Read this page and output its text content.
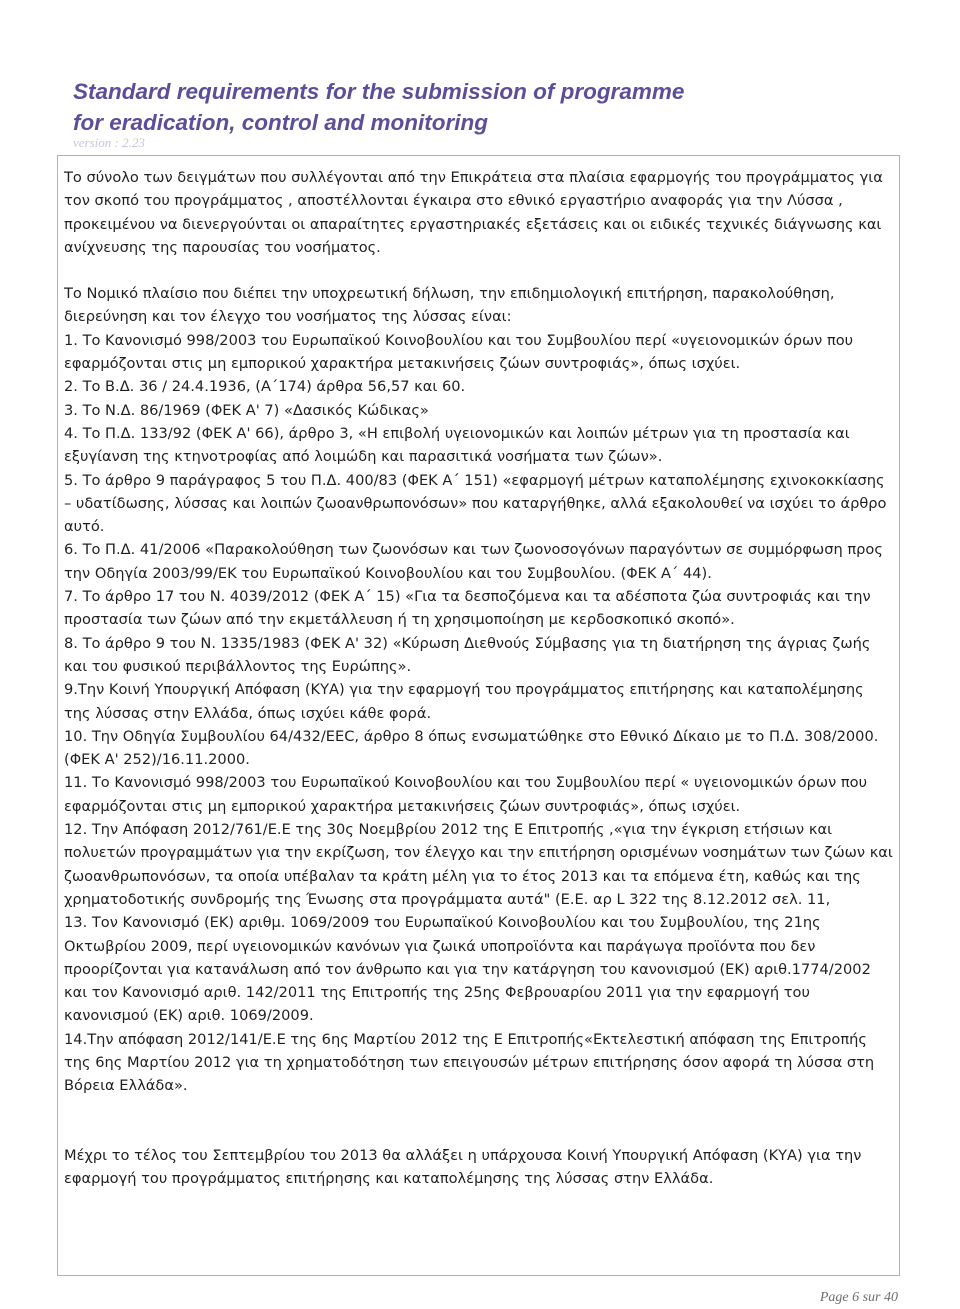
Standard requirements for the submission of programme
for eradication, control and monitoring
version : 2.23

Το σύνολο των δειγμάτων που συλλέγονται από την Επικράτεια στα πλαίσια εφαρμογής του προγράμματος για τον σκοπό του προγράμματος , αποστέλλονται έγκαιρα στο εθνικό εργαστήριο αναφοράς για την Λύσσα , προκειμένου να διενεργούνται οι απαραίτητες εργαστηριακές εξετάσεις και οι ειδικές τεχνικές διάγνωσης και ανίχνευσης της παρουσίας του νοσήματος.

Το Νομικό πλαίσιο που διέπει την υποχρεωτική δήλωση, την επιδημιολογική επιτήρηση, παρακολούθηση, διερεύνηση και τον έλεγχο του νοσήματος της λύσσας είναι:

1. Το Κανονισμό 998/2003 του Ευρωπαϊκού Κοινοβουλίου και του Συμβουλίου περί «υγειονομικών όρων που εφαρμόζονται στις μη εμπορικού χαρακτήρα μετακινήσεις ζώων συντροφιάς», όπως ισχύει.

2. Το Β.Δ. 36 / 24.4.1936, (Α΄174) άρθρα 56,57 και 60.

3. Το Ν.Δ. 86/1969 (ΦΕΚ Α' 7) «Δασικός Κώδικας»

4. Το Π.Δ. 133/92 (ΦΕΚ Α' 66), άρθρο 3, «Η επιβολή υγειονομικών και λοιπών μέτρων για τη προστασία και εξυγίανση της κτηνοτροφίας από λοιμώδη και παρασιτικά νοσήματα των ζώων».

5. Το άρθρο 9 παράγραφος 5 του Π.Δ. 400/83 (ΦΕΚ Α΄ 151) «εφαρμογή μέτρων καταπολέμησης εχινοκοκκίασης – υδατίδωσης, λύσσας και λοιπών ζωοανθρωπονόσων» που καταργήθηκε, αλλά εξακολουθεί να ισχύει το άρθρο αυτό.

6. Το Π.Δ. 41/2006 «Παρακολούθηση των ζωονόσων και των ζωονοσογόνων παραγόντων σε συμμόρφωση προς την Οδηγία 2003/99/ΕΚ του Ευρωπαϊκού Κοινοβουλίου και του Συμβουλίου. (ΦΕΚ Α΄ 44).

7. Το άρθρο 17 του Ν. 4039/2012 (ΦΕΚ Α΄ 15) «Για τα δεσποζόμενα και τα αδέσποτα ζώα συντροφιάς και την προστασία των ζώων από την εκμετάλλευση ή τη χρησιμοποίηση με κερδοσκοπικό σκοπό».

8. Το άρθρο 9 του Ν. 1335/1983 (ΦΕΚ Α' 32) «Κύρωση Διεθνούς Σύμβασης για τη διατήρηση της άγριας ζωής και του φυσικού περιβάλλοντος της Ευρώπης».

9.Την Κοινή Υπουργική Απόφαση (ΚΥΑ) για την εφαρμογή του προγράμματος επιτήρησης και καταπολέμησης της λύσσας στην Ελλάδα, όπως ισχύει κάθε φορά.

10. Την Οδηγία Συμβουλίου 64/432/ΕΕC, άρθρο 8 όπως ενσωματώθηκε στο Εθνικό Δίκαιο με το Π.Δ. 308/2000. (ΦΕΚ Α' 252)/16.11.2000.

11. Το Κανονισμό 998/2003 του Ευρωπαϊκού Κοινοβουλίου και του Συμβουλίου περί « υγειονομικών όρων που εφαρμόζονται στις μη εμπορικού χαρακτήρα μετακινήσεις ζώων συντροφιάς», όπως ισχύει.

12. Την Απόφαση 2012/761/Ε.Ε της 30ς Νοεμβρίου 2012 της Ε Επιτροπής ,«για την έγκριση ετήσιων και πολυετών προγραμμάτων για την εκρίζωση, τον έλεγχο και την επιτήρηση ορισμένων νοσημάτων των ζώων και ζωοανθρωπονόσων, τα οποία υπέβαλαν τα κράτη μέλη για το έτος 2013 και τα επόμενα έτη, καθώς και της χρηματοδοτικής συνδρομής της Ένωσης στα προγράμματα αυτά" (Ε.Ε. αρ L 322 της 8.12.2012 σελ. 11,

13. Τον Κανονισμό (ΕΚ) αριθμ. 1069/2009 του Ευρωπαϊκού Κοινοβουλίου και του Συμβουλίου, της 21ης Οκτωβρίου 2009, περί υγειονομικών κανόνων για ζωικά υποπροϊόντα και παράγωγα προϊόντα που δεν προορίζονται για κατανάλωση από τον άνθρωπο και για την κατάργηση του κανονισμού (ΕΚ) αριθ.1774/2002 και τον Κανονισμό αριθ. 142/2011 της Επιτροπής της 25ης Φεβρουαρίου 2011 για την εφαρμογή του κανονισμού (ΕΚ) αριθ. 1069/2009.

14.Την απόφαση 2012/141/Ε.Ε της 6ης Μαρτίου 2012 της Ε Επιτροπής«Εκτελεστική απόφαση της Επιτροπής της 6ης Μαρτίου 2012 για τη χρηματοδότηση των επειγουσών μέτρων επιτήρησης όσον αφορά τη λύσσα στη Βόρεια Ελλάδα».

Μέχρι το τέλος του Σεπτεμβρίου του 2013 θα αλλάξει η υπάρχουσα Κοινή Υπουργική Απόφαση (ΚΥΑ) για την εφαρμογή του προγράμματος επιτήρησης και καταπολέμησης της λύσσας στην Ελλάδα.

Page 6 sur 40
